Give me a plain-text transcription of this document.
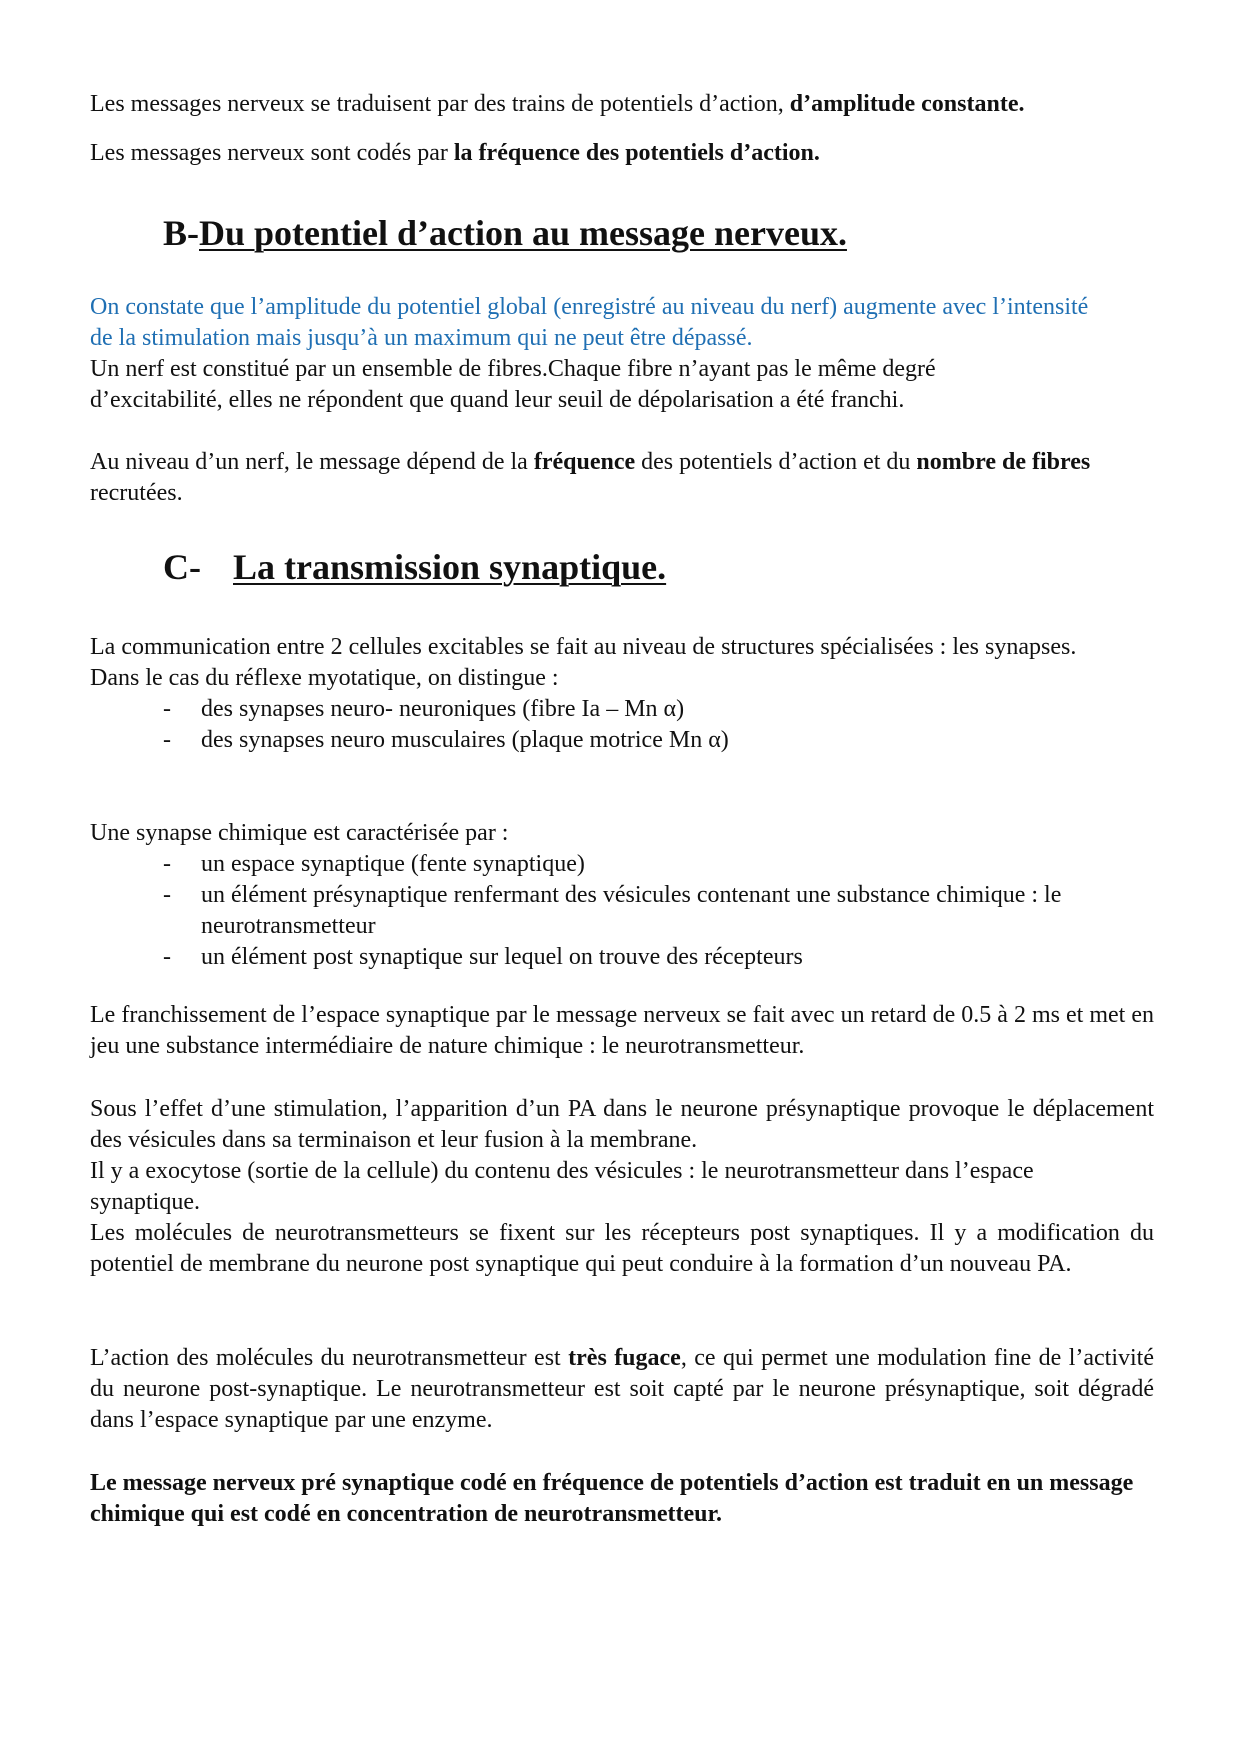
Les messages nerveux se traduisent par des trains de potentiels d’action, d’amplitude constante.

Les messages nerveux sont codés par la fréquence des potentiels d’action.

B-Du potentiel d’action au message nerveux.

On constate que l’amplitude du potentiel global (enregistré au niveau du nerf) augmente avec l’intensité de la stimulation mais jusqu’à un maximum qui ne peut être dépassé.

Un nerf est constitué par un ensemble de fibres.Chaque fibre n’ayant pas le même degré
d’excitabilité, elles ne répondent que quand leur seuil de dépolarisation a été franchi.

Au niveau d’un nerf, le message dépend de la fréquence des potentiels d’action et du nombre de fibres recrutées.

C- La transmission synaptique.

La communication entre 2 cellules excitables se fait au niveau de structures spécialisées : les synapses.

Dans le cas du réflexe myotatique, on distingue :

- des synapses neuro- neuroniques (fibre Ia – Mn α)
- des synapses neuro musculaires (plaque motrice Mn α)

Une synapse chimique est caractérisée par :

- un espace synaptique (fente synaptique)
- un élément présynaptique renfermant des vésicules contenant une substance chimique : le neurotransmetteur
- un élément post synaptique sur lequel on trouve des récepteurs

Le franchissement de l’espace synaptique par le message nerveux se fait avec un retard de 0.5 à 2 ms et met en jeu une substance intermédiaire de nature chimique : le neurotransmetteur.

Sous l’effet d’une stimulation, l’apparition d’un PA dans le neurone présynaptique provoque le déplacement des vésicules dans sa terminaison et leur fusion à la membrane.

Il y a exocytose (sortie de la cellule) du contenu des vésicules : le neurotransmetteur dans l’espace synaptique.

Les molécules de neurotransmetteurs se fixent sur les récepteurs post synaptiques. Il y a modification du potentiel de membrane du neurone post synaptique qui peut conduire à la formation d’un nouveau PA.

L’action des molécules du neurotransmetteur est très fugace, ce qui permet une modulation fine de l’activité du neurone post-synaptique. Le neurotransmetteur est soit capté par le neurone présynaptique, soit dégradé dans l’espace synaptique par une enzyme.

Le message nerveux pré synaptique codé en fréquence de potentiels d’action est traduit en un message chimique qui est codé en concentration de neurotransmetteur.
